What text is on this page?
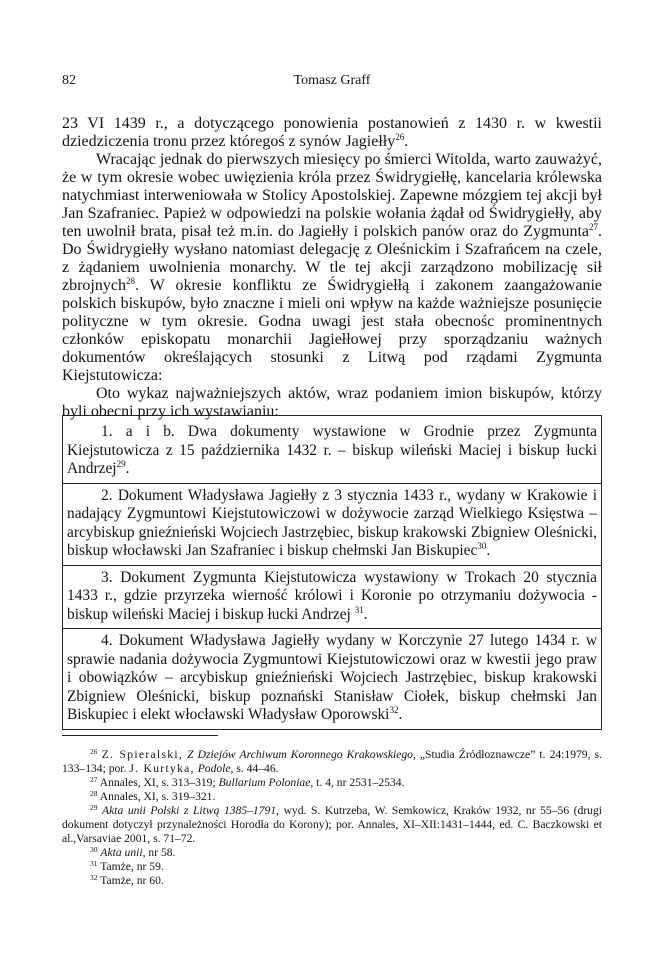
82	Tomasz Graff

23 VI 1439 r., a dotyczącego ponowienia postanowień z 1430 r. w kwestii dziedziczenia tronu przez któregoś z synów Jagiełły$^{26}$.

Wracając jednak do pierwszych miesięcy po śmierci Witolda, warto zauważyć, że w tym okresie wobec uwięzienia króla przez Świdrygiełłę, kancelaria królewska natychmiast interweniowała w Stolicy Apostolskiej. Zapewne mózgiem tej akcji był Jan Szafraniec. Papież w odpowiedzi na polskie wołania żądał od Świdrygiełły, aby ten uwolnił brata, pisał też m.in. do Jagiełły i polskich panów oraz do Zygmunta$^{27}$. Do Świdrygiełły wysłano natomiast delegację z Oleśnickim i Szafrańcem na czele, z żądaniem uwolnienia monarchy. W tle tej akcji zarządzono mobilizację sił zbrojnych$^{28}$. W okresie konfliktu ze Świdrygiełłą i zakonem zaangażowanie polskich biskupów, było znaczne i mieli oni wpływ na każde ważniejsze posunięcie polityczne w tym okresie. Godna uwagi jest stała obecnośc prominentnych członków episkopatu monarchii Jagiełłowej przy sporządzaniu ważnych dokumentów określających stosunki z Litwą pod rządami Zygmunta Kiejstutowicza:

Oto wykaz najważniejszych aktów, wraz podaniem imion biskupów, którzy byli obecni przy ich wystawianiu:

1. a i b. Dwa dokumenty wystawione w Grodnie przez Zygmunta Kiejstutowicza z 15 października 1432 r. – biskup wileński Maciej i biskup łucki Andrzej$^{29}$.
2. Dokument Władysława Jagiełły z 3 stycznia 1433 r., wydany w Krakowie i nadający Zygmuntowi Kiejstutowiczowi w dożywocie zarząd Wielkiego Księstwa – arcybiskup gnieźnieński Wojciech Jastrzębiec, biskup krakowski Zbigniew Oleśnicki, biskup włocławski Jan Szafraniec i biskup chełmski Jan Biskupiec$^{30}$.
3. Dokument Zygmunta Kiejstutowicza wystawiony w Trokach 20 stycznia 1433 r., gdzie przyrzeka wierność królowi i Koronie po otrzymaniu dożywocia - biskup wileński Maciej i biskup łucki Andrzej $^{31}$.
4. Dokument Władysława Jagiełły wydany w Korczynie 27 lutego 1434 r. w sprawie nadania dożywocia Zygmuntowi Kiejstutowiczowi oraz w kwestii jego praw i obowiązków – arcybiskup gnieźnieński Wojciech Jastrzębiec, biskup krakowski Zbigniew Oleśnicki, biskup poznański Stanisław Ciołek, biskup chełmski Jan Biskupiec i elekt włocławski Władysław Oporowski$^{32}$.

$^{26}$ Z. Spieralski, Z Dziejów Archiwum Koronnego Krakowskiego, „Studia Źródłoznawcze” t. 24:1979, s. 133–134; por. J. Kurtyka, Podole, s. 44–46.

$^{27}$ Annales, XI, s. 313–319; Bullarium Poloniae, t. 4, nr 2531–2534.

$^{28}$ Annales, XI, s. 319–321.

$^{29}$ Akta unii Polski z Litwą 1385–1791, wyd. S. Kutrzeba, W. Semkowicz, Kraków 1932, nr 55–56 (drugi dokument dotyczył przynależności Horodła do Korony); por. Annales, XI–XII:1431–1444, ed. C. Baczkowski et al.,Varsaviae 2001, s. 71–72.

$^{30}$ Akta unii, nr 58.

$^{31}$ Tamże, nr 59.

$^{32}$ Tamże, nr 60.
